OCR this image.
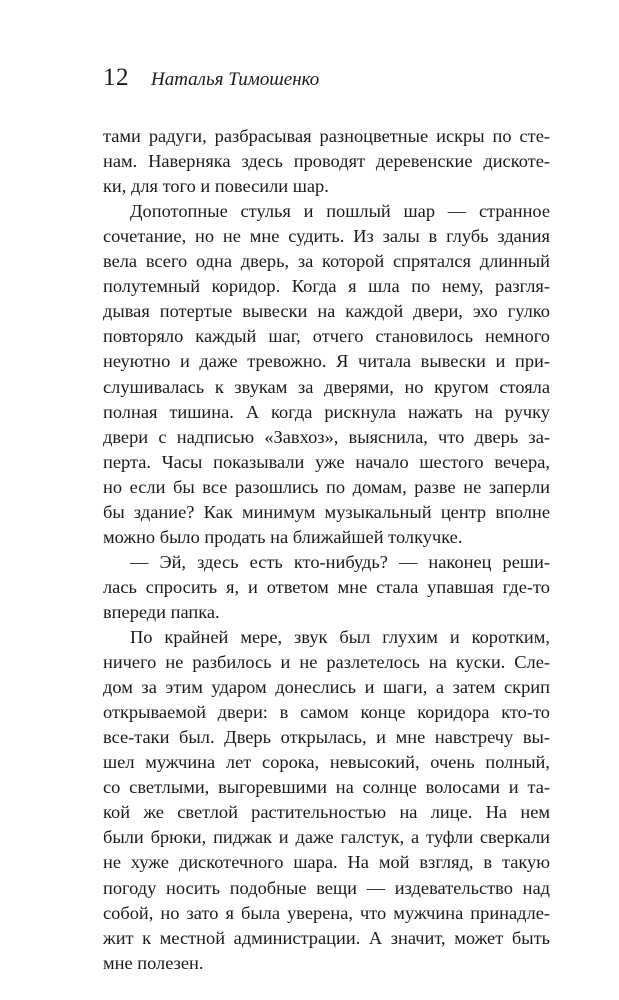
12 Наталья Тимошенко
тами радуги, разбрасывая разноцветные искры по сте-
нам. Наверняка здесь проводят деревенские дискоте-
ки, для того и повесили шар.
Допотопные стулья и пошлый шар — странное
сочетание, но не мне судить. Из залы в глубь здания
вела всего одна дверь, за которой спрятался длинный
полутемный коридор. Когда я шла по нему, разгля-
дывая потертые вывески на каждой двери, эхо гулко
повторяло каждый шаг, отчего становилось немного
неуютно и даже тревожно. Я читала вывески и при-
слушивалась к звукам за дверями, но кругом стояла
полная тишина. А когда рискнула нажать на ручку
двери с надписью «Завхоз», выяснила, что дверь за-
перта. Часы показывали уже начало шестого вечера,
но если бы все разошлись по домам, разве не заперли
бы здание? Как минимум музыкальный центр вполне
можно было продать на ближайшей толкучке.
— Эй, здесь есть кто-нибудь? — наконец реши-
лась спросить я, и ответом мне стала упавшая где-то
впереди папка.
По крайней мере, звук был глухим и коротким,
ничего не разбилось и не разлетелось на куски. Сле-
дом за этим ударом донеслись и шаги, а затем скрип
открываемой двери: в самом конце коридора кто-то
все-таки был. Дверь открылась, и мне навстречу вы-
шел мужчина лет сорока, невысокий, очень полный,
со светлыми, выгоревшими на солнце волосами и та-
кой же светлой растительностью на лице. На нем
были брюки, пиджак и даже галстук, а туфли сверкали
не хуже дискотечного шара. На мой взгляд, в такую
погоду носить подобные вещи — издевательство над
собой, но зато я была уверена, что мужчина принадле-
жит к местной администрации. А значит, может быть
мне полезен.
